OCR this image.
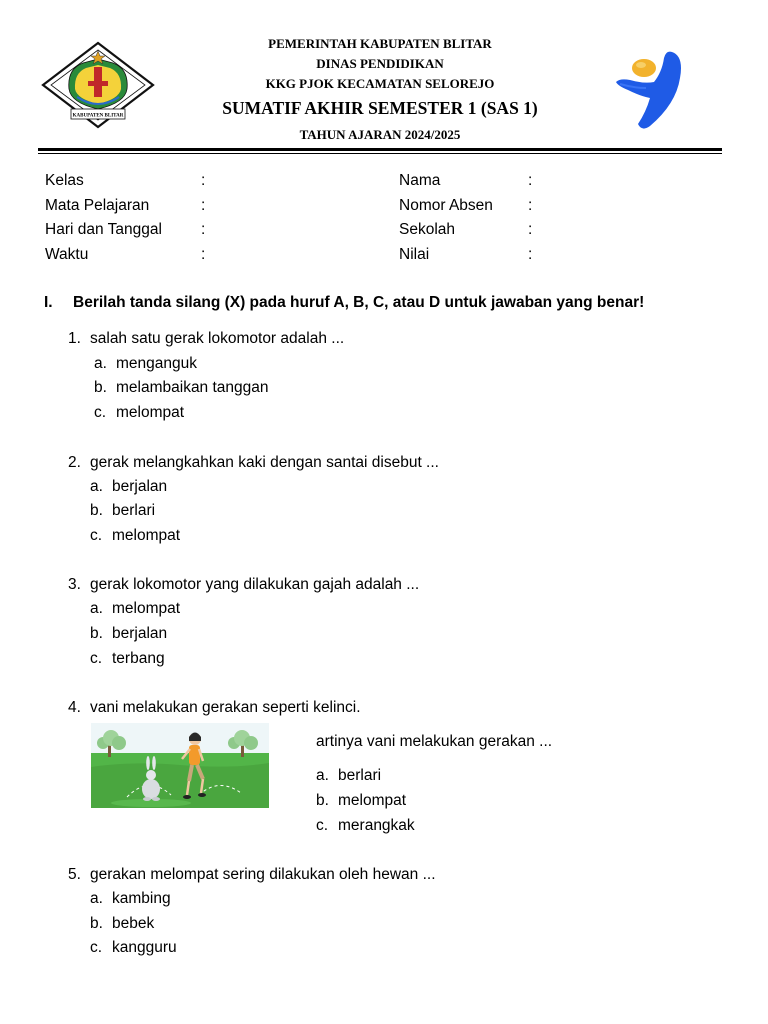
KABUPATEN BLITAR
PEMERINTAH KABUPATEN BLITAR
DINAS PENDIDIKAN
KKG PJOK KECAMATAN SELOREJO
SUMATIF AKHIR SEMESTER 1 (SAS 1)
TAHUN AJARAN 2024/2025
Kelas	:
Mata Pelajaran	:
Hari dan Tanggal	:
Waktu	:
Nama	:
Nomor Absen :
Sekolah	:
Nilai	:
I. Berilah tanda silang (X) pada huruf A, B, C, atau D untuk jawaban yang benar!
1. salah satu gerak lokomotor adalah ...
a. menganguk
b. melambaikan tanggan
c. melompat
2. gerak melangkahkan kaki dengan santai disebut ...
a. berjalan
b. berlari
c. melompat
3. gerak lokomotor yang dilakukan gajah adalah ...
a. melompat
b. berjalan
c. terbang
4. vani melakukan gerakan seperti kelinci.
artinya vani melakukan gerakan ...
a. berlari
b. melompat
c. merangkak
5. gerakan melompat sering dilakukan oleh hewan ...
a. kambing
b. bebek
c. kangguru
